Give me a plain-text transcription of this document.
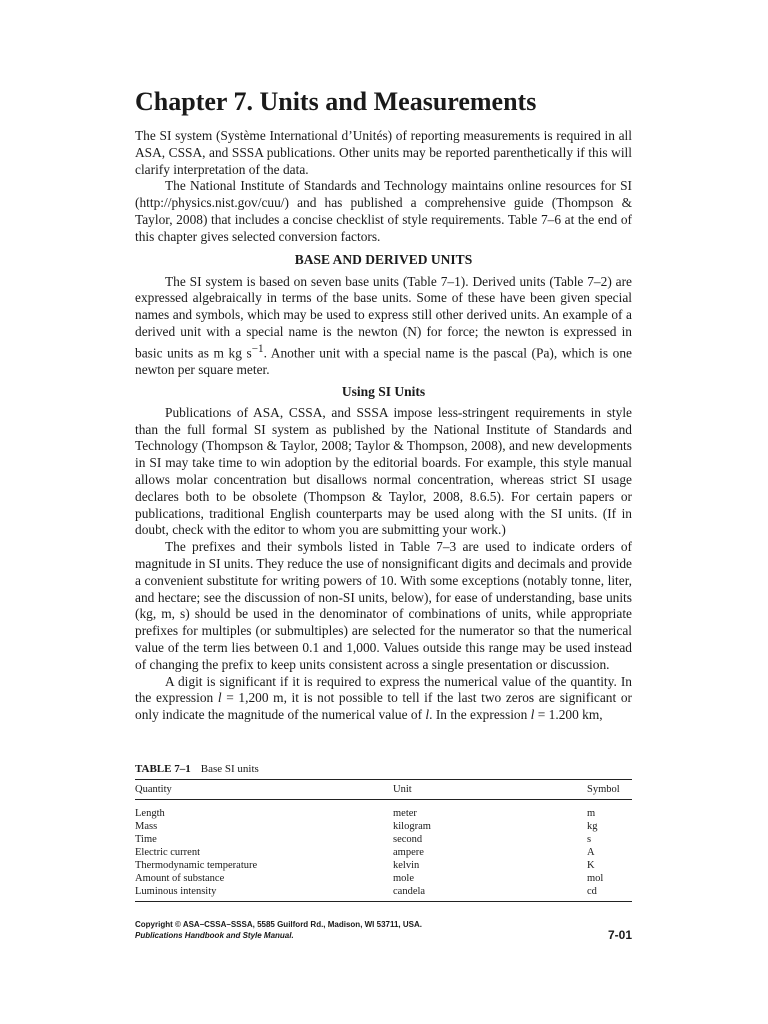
Chapter 7. Units and Measurements

The SI system (Système International d’Unités) of reporting measurements is required in all ASA, CSSA, and SSSA publications. Other units may be reported parenthetically if this will clarify interpretation of the data.

The National Institute of Standards and Technology maintains online resources for SI (http://physics.nist.gov/cuu/) and has published a comprehensive guide (Thompson & Taylor, 2008) that includes a concise checklist of style requirements. Table 7–6 at the end of this chapter gives selected conversion factors.

BASE AND DERIVED UNITS

The SI system is based on seven base units (Table 7–1). Derived units (Table 7–2) are expressed algebraically in terms of the base units. Some of these have been given special names and symbols, which may be used to express still other derived units. An example of a derived unit with a special name is the newton (N) for force; the newton is expressed in basic units as m kg $s^{-1}$. Another unit with a special name is the pascal (Pa), which is one newton per square meter.

Using SI Units

Publications of ASA, CSSA, and SSSA impose less-stringent requirements in style than the full formal SI system as published by the National Institute of Standards and Technology (Thompson & Taylor, 2008; Taylor & Thompson, 2008), and new developments in SI may take time to win adoption by the editorial boards. For example, this style manual allows molar concentration but disallows normal concentration, whereas strict SI usage declares both to be obsolete (Thompson & Taylor, 2008, 8.6.5). For certain papers or publications, traditional English counterparts may be used along with the SI units. (If in doubt, check with the editor to whom you are submitting your work.)

The prefixes and their symbols listed in Table 7–3 are used to indicate orders of magnitude in SI units. They reduce the use of nonsignificant digits and decimals and provide a convenient substitute for writing powers of 10. With some exceptions (notably tonne, liter, and hectare; see the discussion of non-SI units, below), for ease of understanding, base units (kg, m, s) should be used in the denominator of combinations of units, while appropriate prefixes for multiples (or submultiples) are selected for the numerator so that the numerical value of the term lies between 0.1 and 1,000. Values outside this range may be used instead of changing the prefix to keep units consistent across a single presentation or discussion.

A digit is significant if it is required to express the numerical value of the quantity. In the expression l = 1,200 m, it is not possible to tell if the last two zeros are significant or only indicate the magnitude of the numerical value of l. In the expression l = 1.200 km,

TABLE 7–1 Base SI units
Quantity	Unit	Symbol
Length	meter	m
Mass	kilogram	kg
Time	second	s
Electric current	ampere	A
Thermodynamic temperature	kelvin	K
Amount of substance	mole	mol
Luminous intensity	candela	cd
Copyright © ASA–CSSA–SSSA, 5585 Guilford Rd., Madison, WI 53711, USA.
Publications Handbook and Style Manual.	7-01
